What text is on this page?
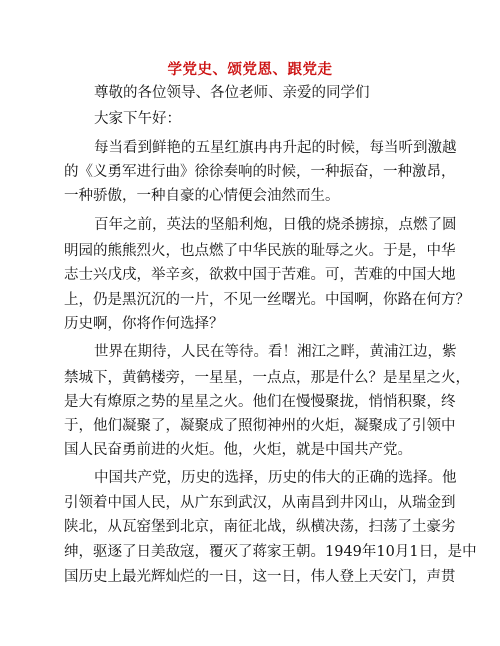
学党史、颂党恩、跟党走
尊敬的各位领导、各位老师、亲爱的同学们
大家下午好：
每当看到鲜艳的五星红旗冉冉升起的时候，每当听到激越
的《义勇军进行曲》徐徐奏响的时候，一种振奋，一种激昂，
一种骄傲，一种自豪的心情便会油然而生。
百年之前，英法的坚船利炮，日俄的烧杀掳掠，点燃了圆
明园的熊熊烈火，也点燃了中华民族的耻辱之火。于是，中华
志士兴戊戌，举辛亥，欲救中国于苦难。可，苦难的中国大地
上，仍是黑沉沉的一片，不见一丝曙光。中国啊，你路在何方？
历史啊，你将作何选择？
世界在期待，人民在等待。看！湘江之畔，黄浦江边，紫
禁城下，黄鹤楼旁，一星星，一点点，那是什么？是星星之火，
是大有燎原之势的星星之火。他们在慢慢聚拢，悄悄积聚，终
于，他们凝聚了，凝聚成了照彻神州的火炬，凝聚成了引领中
国人民奋勇前进的火炬。他，火炬，就是中国共产党。
中国共产党，历史的选择，历史的伟大的正确的选择。他
引领着中国人民，从广东到武汉，从南昌到井冈山，从瑞金到
陕北，从瓦窑堡到北京，南征北战，纵横决荡，扫荡了土豪劣
绅，驱逐了日美敌寇，覆灭了蒋家王朝。1949年10月1日，是中
国历史上最光辉灿烂的一日，这一日，伟人登上天安门，声贯
